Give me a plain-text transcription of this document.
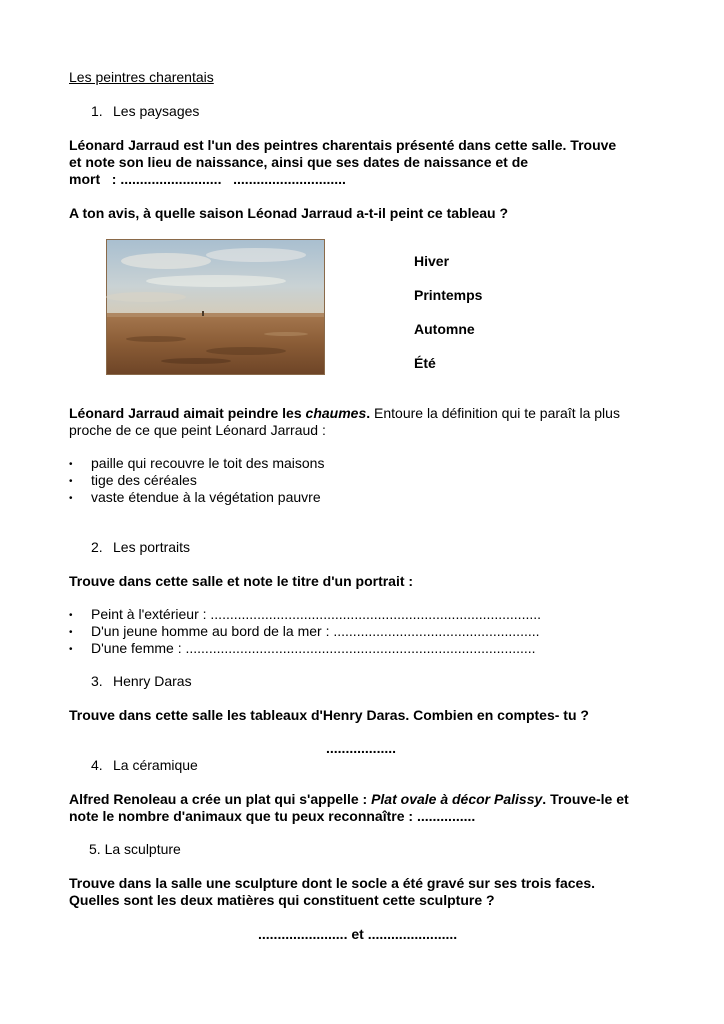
Les peintres charentais
1. Les paysages
Léonard Jarraud est l'un des peintres charentais présenté dans cette salle. Trouve
et note son lieu de naissance, ainsi que ses dates de naissance et de
mort   : ..........................   .............................
A ton avis, à quelle saison Léonad Jarraud a-t-il peint ce tableau ?
Hiver
Printemps
Automne
Été
Léonard Jarraud aimait peindre les chaumes. Entoure la définition qui te paraît la plus
proche de ce que peint Léonard Jarraud :
• paille qui recouvre le toit des maisons
• tige des céréales
• vaste étendue à la végétation pauvre
2. Les portraits
Trouve dans cette salle et note le titre d'un portrait :
• Peint à l'extérieur : .....................................................................................
• D'un jeune homme au bord de la mer : .....................................................
• D'une femme : ..........................................................................................
3. Henry Daras
Trouve dans cette salle les tableaux d'Henry Daras. Combien en comptes- tu ?
..................
4. La céramique
Alfred Renoleau a crée un plat qui s'appelle : Plat ovale à décor Palissy. Trouve-le et
note le nombre d'animaux que tu peux reconnaître : ...............
5. La sculpture
Trouve dans la salle une sculpture dont le socle a été gravé sur ses trois faces.
Quelles sont les deux matières qui constituent cette sculpture ?
....................... et .......................
